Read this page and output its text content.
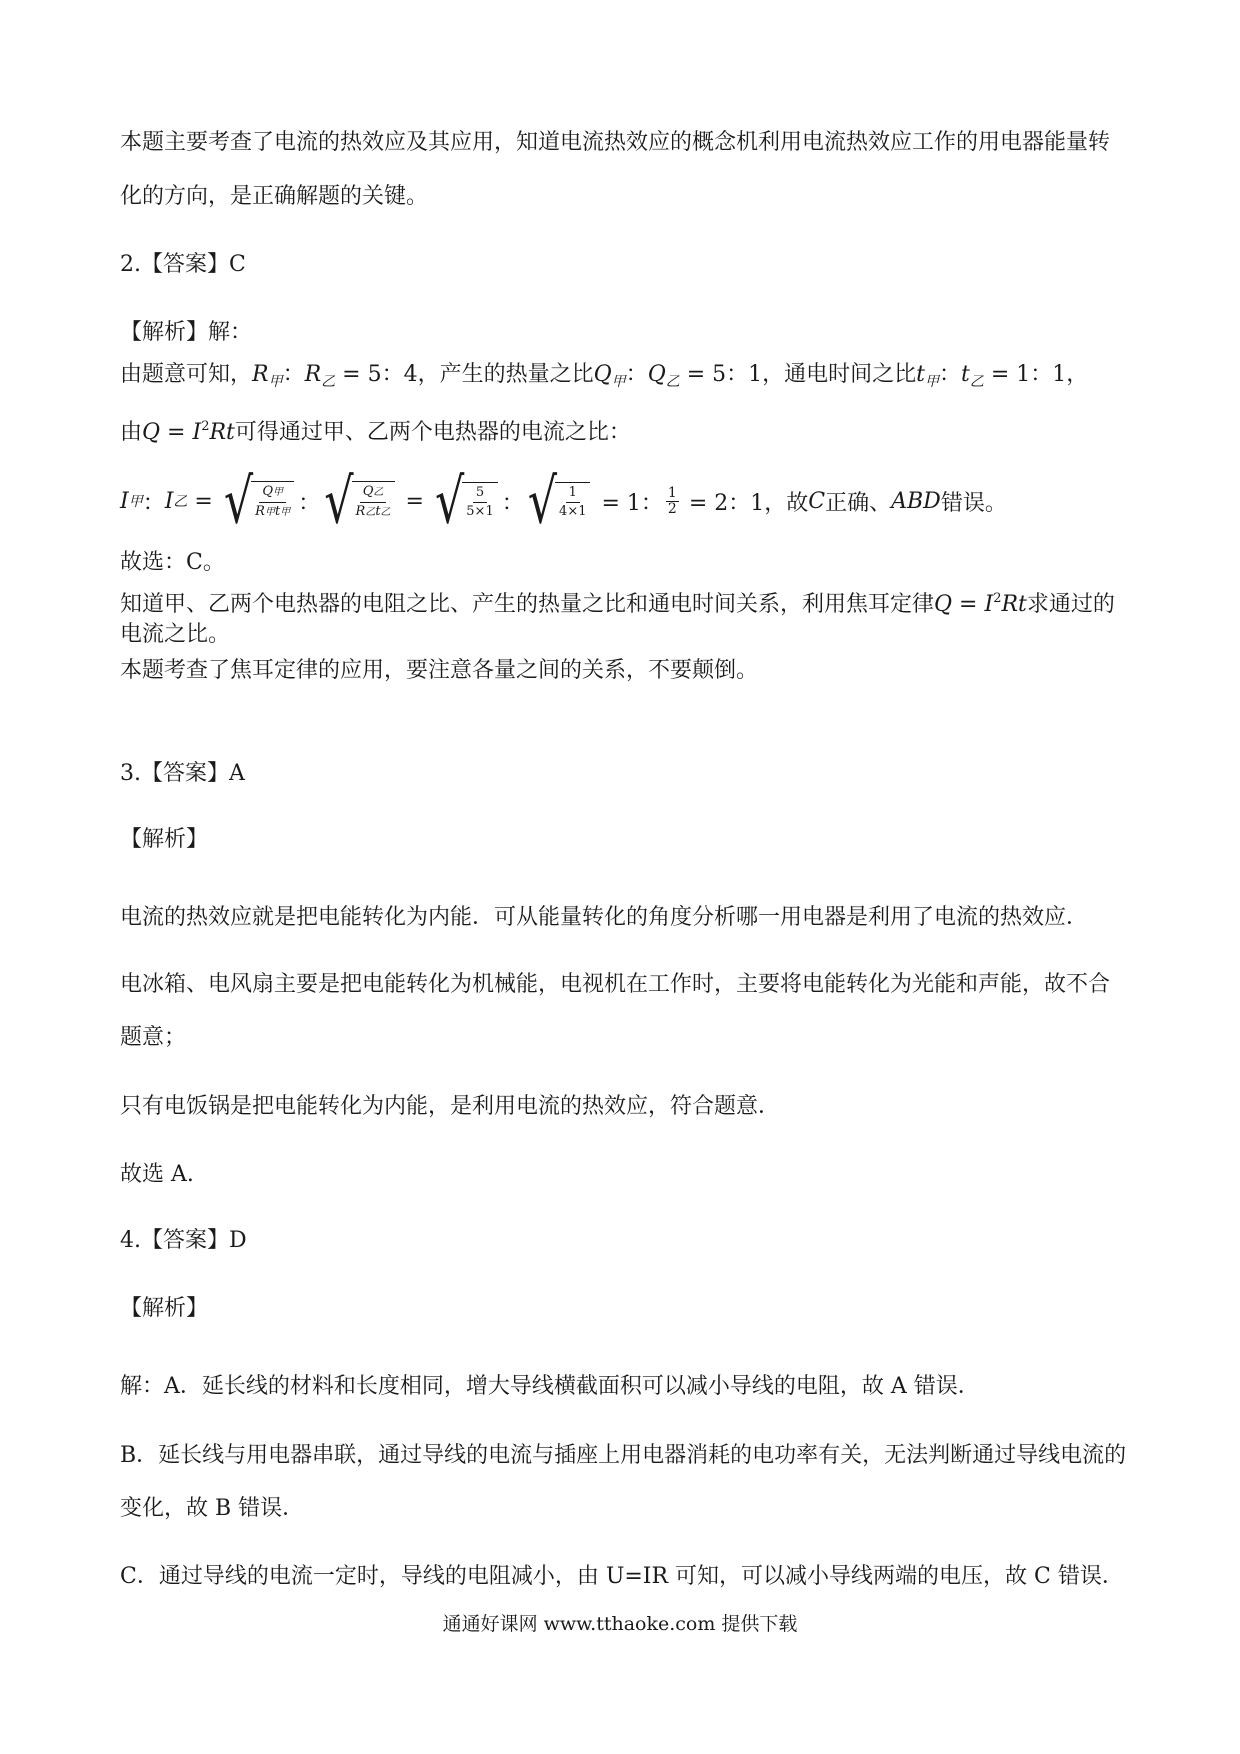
本题主要考查了电流的热效应及其应用，知道电流热效应的概念机利用电流热效应工作的用电器能量转
化的方向，是正确解题的关键。
2.【答案】C
【解析】解：
由题意可知，$R_甲$：$R_乙 = 5$：4，产生的热量之比$Q_甲$：$Q_乙 = 5$：1，通电时间之比$t_甲$：$t_乙 = 1$：1，
由$Q = I^2Rt$可得通过甲、乙两个电热器的电流之比：
I 甲 ： I 乙 = √
$\frac{\text{Q甲}}{\text{R甲t甲}}$ ： √
$\frac{\text{Q乙}}{\text{R乙t乙}}$ = √
$\frac{5}{5\times 1}$ ： √
$\frac{1}{4\times 1}$
= 1： $\frac{1}{2}$
= 2：1，故 C 正确、 ABD 错误。
故选：C。
知道甲、乙两个电热器的电阻之比、产生的热量之比和通电时间关系，利用焦耳定律$Q = I^2Rt$求通过的
电流之比。
本题考查了焦耳定律的应用，要注意各量之间的关系，不要颠倒。
3.【答案】A
【解析】
电流的热效应就是把电能转化为内能．可从能量转化的角度分析哪一用电器是利用了电流的热效应．
电冰箱、电风扇主要是把电能转化为机械能，电视机在工作时，主要将电能转化为光能和声能，故不合
题意；
只有电饭锅是把电能转化为内能，是利用电流的热效应，符合题意．
故选 A.
4.【答案】D
【解析】
解：A．延长线的材料和长度相同，增大导线横截面积可以减小导线的电阻，故 A 错误．
B．延长线与用电器串联，通过导线的电流与插座上用电器消耗的电功率有关，无法判断通过导线电流的
变化，故 B 错误．
C．通过导线的电流一定时，导线的电阻减小，由 U=IR 可知，可以减小导线两端的电压，故 C 错误．
通通好课网 www.tthaoke.com 提供下载
